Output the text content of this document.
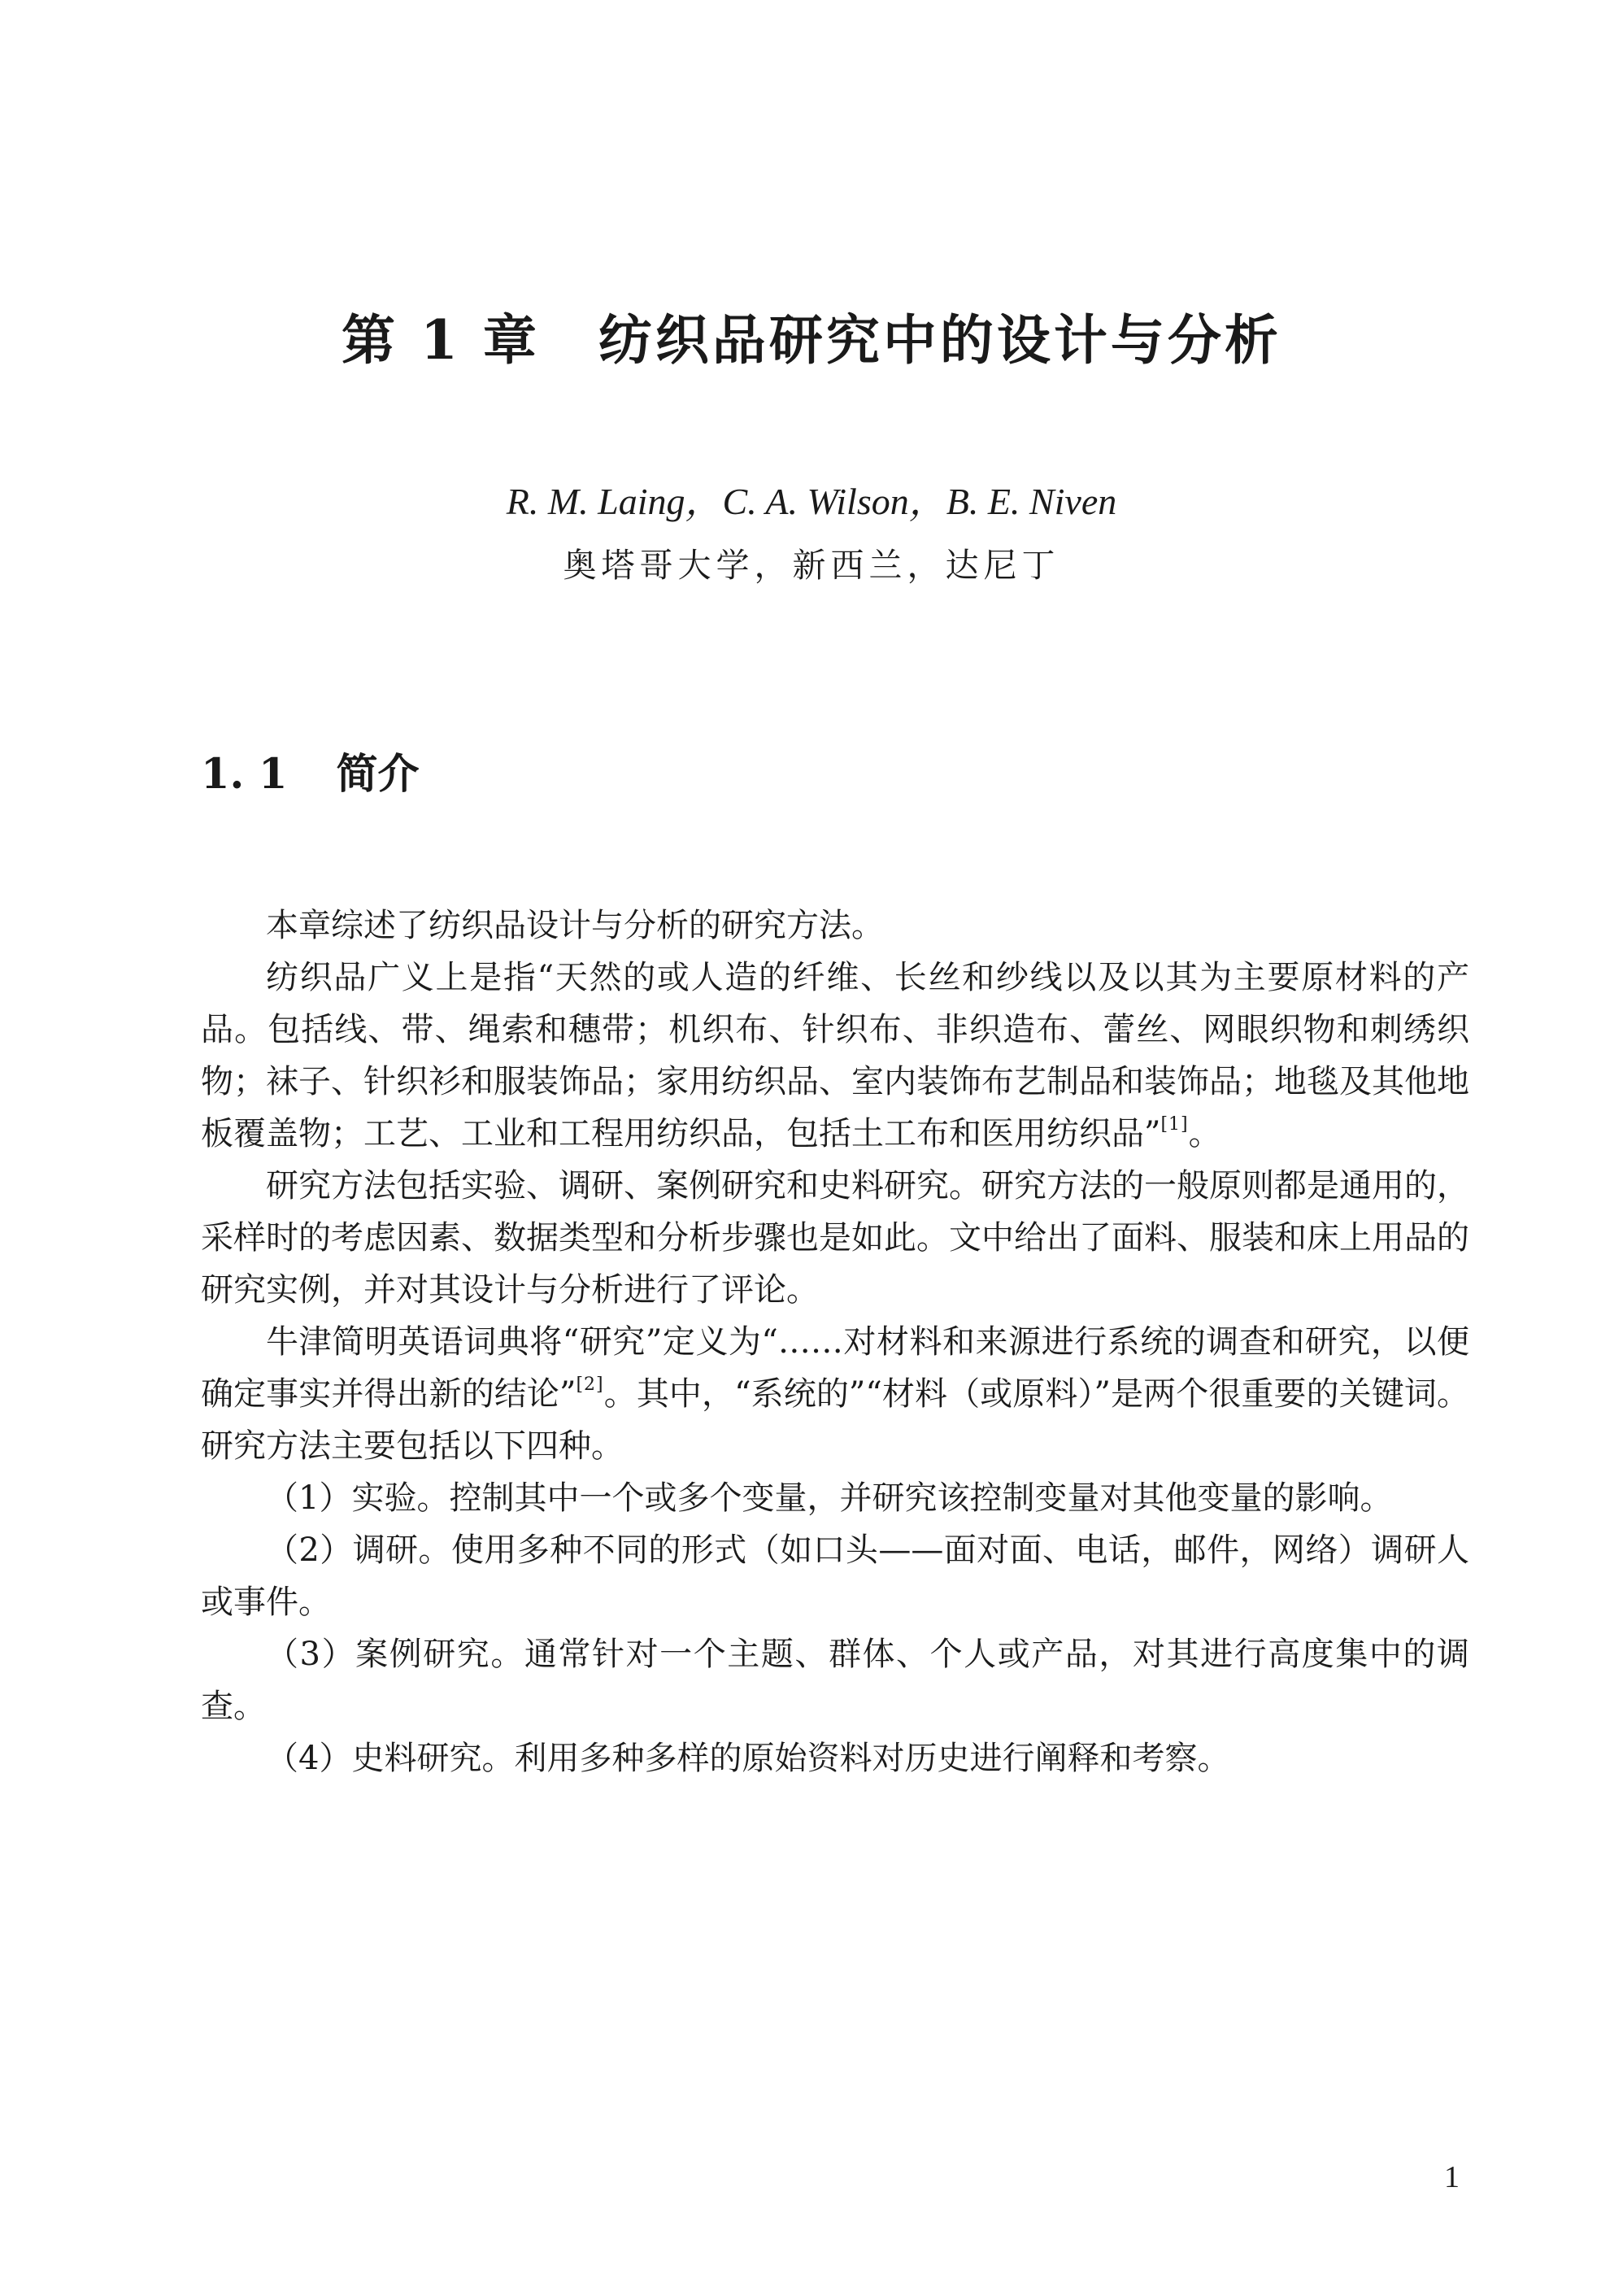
第 1 章 纺织品研究中的设计与分析
R. M. Laing，C. A. Wilson，B. E. Niven
奥塔哥大学，新西兰，达尼丁
1. 1 简介

本章综述了纺织品设计与分析的研究方法。

纺织品广义上是指“天然的或人造的纤维、长丝和纱线以及以其为主要原材料的产品。包括线、带、绳索和穗带；机织布、针织布、非织造布、蕾丝、网眼织物和刺绣织物；袜子、针织衫和服装饰品；家用纺织品、室内装饰布艺制品和装饰品；地毯及其他地板覆盖物；工艺、工业和工程用纺织品，包括土工布和医用纺织品”[1]。

研究方法包括实验、调研、案例研究和史料研究。研究方法的一般原则都是通用的，采样时的考虑因素、数据类型和分析步骤也是如此。文中给出了面料、服装和床上用品的研究实例，并对其设计与分析进行了评论。

牛津简明英语词典将“研究”定义为“……对材料和来源进行系统的调查和研究，以便确定事实并得出新的结论”[2]。其中，“系统的”“材料（或原料）”是两个很重要的关键词。研究方法主要包括以下四种。

（1）实验。控制其中一个或多个变量，并研究该控制变量对其他变量的影响。

（2）调研。使用多种不同的形式（如口头——面对面、电话，邮件，网络）调研人或事件。

（3）案例研究。通常针对一个主题、群体、个人或产品，对其进行高度集中的调查。

（4）史料研究。利用多种多样的原始资料对历史进行阐释和考察。

1
